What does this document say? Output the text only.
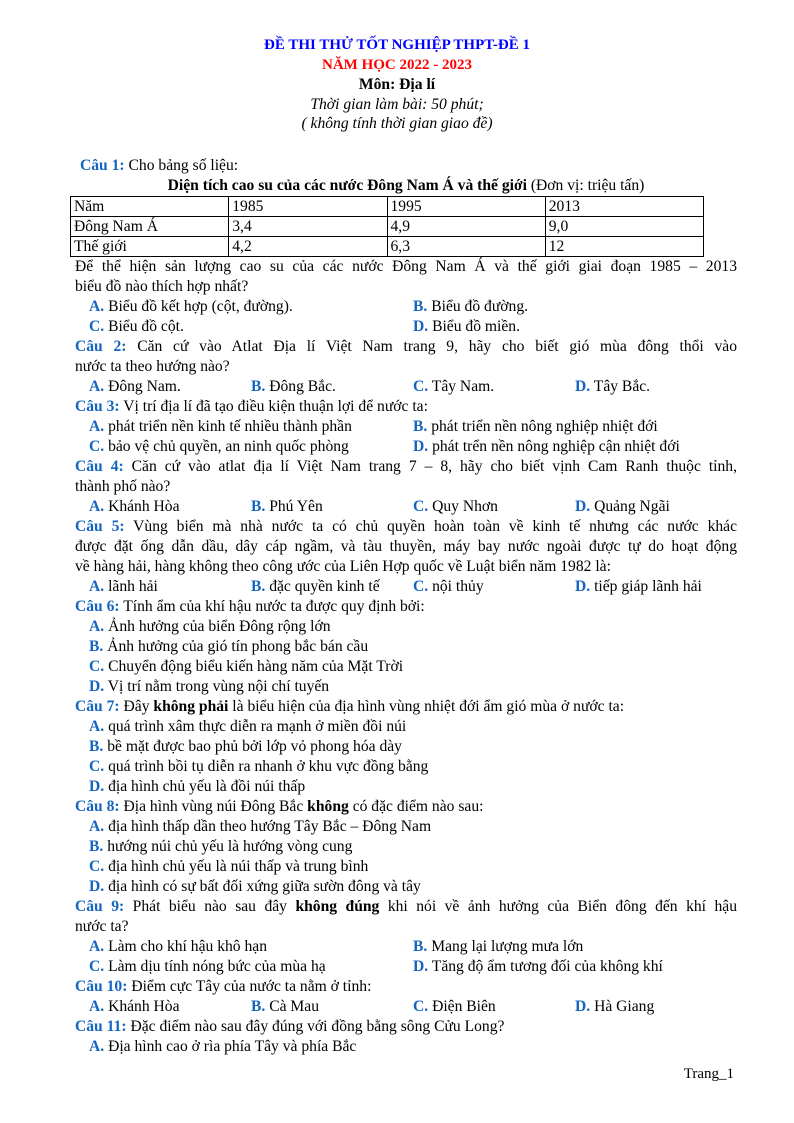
ĐỀ THI THỬ TỐT NGHIỆP THPT-ĐỀ 1
NĂM HỌC 2022 - 2023
Môn: Địa lí
Thời gian làm bài: 50 phút;
( không tính thời gian giao đề)
Câu 1: Cho bảng số liệu:
Diện tích cao su của các nước Đông Nam Á và thế giới (Đơn vị: triệu tấn)
Năm	1985	1995	2013
Đông Nam Á	3,4	4,9	9,0
Thế giới	4,2	6,3	12
Để thể hiện sản lượng cao su của các nước Đông Nam Á và thế giới giai đoạn 1985 – 2013
biểu đồ nào thích hợp nhất?
A. Biểu đồ kết hợp (cột, đường).	B. Biểu đồ đường.
C. Biểu đồ cột.	D. Biểu đồ miền.
Câu 2: Căn cứ vào Atlat Địa lí Việt Nam trang 9, hãy cho biết gió mùa đông thổi vào
nước ta theo hướng nào?
A. Đông Nam.	B. Đông Bắc.	C. Tây Nam.	D. Tây Bắc.
Câu 3: Vị trí địa lí đã tạo điều kiện thuận lợi để nước ta:
A. phát triển nền kinh tế nhiều thành phần	B. phát triển nền nông nghiệp nhiệt đới
C. bảo vệ chủ quyền, an ninh quốc phòng	D. phát trển nền nông nghiệp cận nhiệt đới
Câu 4: Căn cứ vào atlat địa lí Việt Nam trang 7 – 8, hãy cho biết vịnh Cam Ranh thuộc tỉnh,
thành phố nào?
A. Khánh Hòa	B. Phú Yên	C. Quy Nhơn	D. Quảng Ngãi
Câu 5: Vùng biển mà nhà nước ta có chủ quyền hoàn toàn về kinh tế nhưng các nước khác
được đặt ống dẫn dầu, dây cáp ngầm, và tàu thuyền, máy bay nước ngoài được tự do hoạt động
về hàng hải, hàng không theo công ước của Liên Hợp quốc về Luật biển năm 1982 là:
A. lãnh hải	B. đặc quyền kinh tế	C. nội thủy	D. tiếp giáp lãnh hải
Câu 6: Tính ẩm của khí hậu nước ta được quy định bởi:
A. Ảnh hưởng của biển Đông rộng lớn
B. Ảnh hưởng của gió tín phong bắc bán cầu
C. Chuyển động biểu kiến hàng năm của Mặt Trời
D. Vị trí nằm trong vùng nội chí tuyến
Câu 7: Đây không phải là biểu hiện của địa hình vùng nhiệt đới ẩm gió mùa ở nước ta:
A. quá trình xâm thực diễn ra mạnh ở miền đồi núi
B. bề mặt được bao phủ bởi lớp vỏ phong hóa dày
C. quá trình bồi tụ diễn ra nhanh ở khu vực đồng bằng
D. địa hình chủ yếu là đồi núi thấp
Câu 8: Địa hình vùng núi Đông Bắc không có đặc điểm nào sau:
A. địa hình thấp dần theo hướng Tây Bắc – Đông Nam
B. hướng núi chủ yếu là hướng vòng cung
C. địa hình chủ yếu là núi thấp và trung bình
D. địa hình có sự bất đối xứng giữa sườn đông và tây
Câu 9: Phát biểu nào sau đây không đúng khi nói về ảnh hưởng của Biển đông đến khí hậu
nước ta?
A. Làm cho khí hậu khô hạn	B. Mang lại lượng mưa lớn
C. Làm dịu tính nóng bức của mùa hạ	D. Tăng độ ẩm tương đối của không khí
Câu 10: Điểm cực Tây của nước ta nằm ở tỉnh:
A. Khánh Hòa	B. Cà Mau	C. Điện Biên	D. Hà Giang
Câu 11: Đặc điểm nào sau đây đúng với đồng bằng sông Cửu Long?
A. Địa hình cao ở rìa phía Tây và phía Bắc
Trang_1
